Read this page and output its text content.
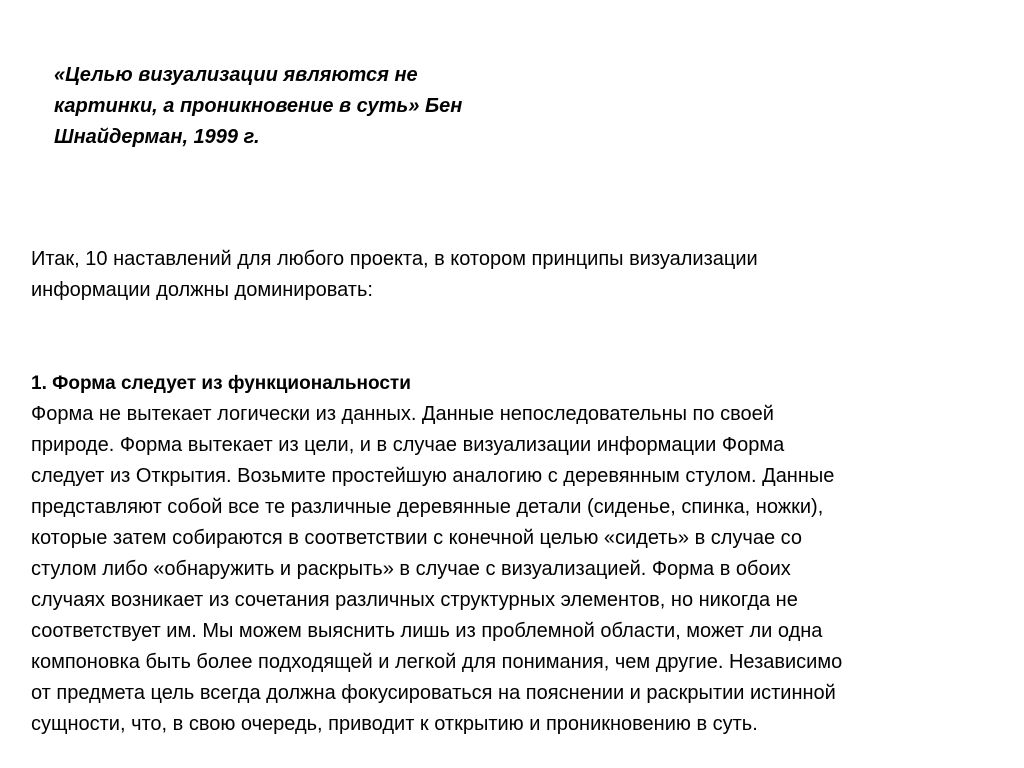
«Целью визуализации являются не
картинки, а проникновение в суть» Бен
Шнайдерман, 1999 г.
Итак, 10 наставлений для любого проекта, в котором принципы визуализации
информации должны доминировать:
1. Форма следует из функциональности
Форма не вытекает логически из данных. Данные непоследовательны по своей
природе. Форма вытекает из цели, и в случае визуализации информации Форма
следует из Открытия. Возьмите простейшую аналогию с деревянным стулом. Данные
представляют собой все те различные деревянные детали (сиденье, спинка, ножки),
которые затем собираются в соответствии с конечной целью «сидеть» в случае со
стулом либо «обнаружить и раскрыть» в случае с визуализацией. Форма в обоих
случаях возникает из сочетания различных структурных элементов, но никогда не
соответствует им. Мы можем выяснить лишь из проблемной области, может ли одна
компоновка быть более подходящей и легкой для понимания, чем другие. Независимо
от предмета цель всегда должна фокусироваться на пояснении и раскрытии истинной
сущности, что, в свою очередь, приводит к открытию и проникновению в суть.
